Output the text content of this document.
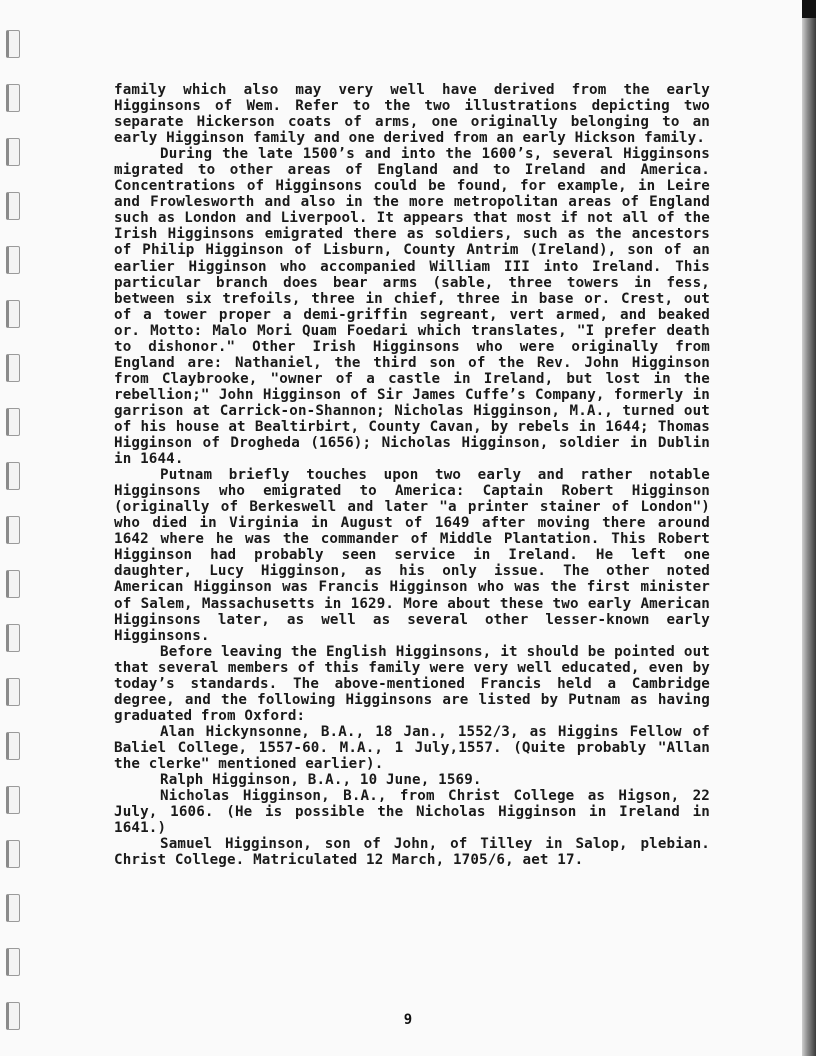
family which also may very well have derived from the early Higginsons of Wem. Refer to the two illustrations depicting two separate Hickerson coats of arms, one originally belonging to an early Higginson family and one derived from an early Hickson family.

During the late 1500’s and into the 1600’s, several Higginsons migrated to other areas of England and to Ireland and America. Concentrations of Higginsons could be found, for example, in Leire and Frowlesworth and also in the more metropolitan areas of England such as London and Liverpool. It appears that most if not all of the Irish Higginsons emigrated there as soldiers, such as the ancestors of Philip Higginson of Lisburn, County Antrim (Ireland), son of an earlier Higginson who accompanied William III into Ireland. This particular branch does bear arms (sable, three towers in fess, between six trefoils, three in chief, three in base or. Crest, out of a tower proper a demi-griffin segreant, vert armed, and beaked or. Motto: Malo Mori Quam Foedari which translates, "I prefer death to dishonor." Other Irish Higginsons who were originally from England are: Nathaniel, the third son of the Rev. John Higginson from Claybrooke, "owner of a castle in Ireland, but lost in the rebellion;" John Higginson of Sir James Cuffe’s Company, formerly in garrison at Carrick-on-Shannon; Nicholas Higginson, M.A., turned out of his house at Bealtirbirt, County Cavan, by rebels in 1644; Thomas Higginson of Drogheda (1656); Nicholas Higginson, soldier in Dublin in 1644.

Putnam briefly touches upon two early and rather notable Higginsons who emigrated to America: Captain Robert Higginson (originally of Berkeswell and later "a printer stainer of London") who died in Virginia in August of 1649 after moving there around 1642 where he was the commander of Middle Plantation. This Robert Higginson had probably seen service in Ireland. He left one daughter, Lucy Higginson, as his only issue. The other noted American Higginson was Francis Higginson who was the first minister of Salem, Massachusetts in 1629. More about these two early American Higginsons later, as well as several other lesser-known early Higginsons.

Before leaving the English Higginsons, it should be pointed out that several members of this family were very well educated, even by today’s standards. The above-mentioned Francis held a Cambridge degree, and the following Higginsons are listed by Putnam as having graduated from Oxford:

Alan Hickynsonne, B.A., 18 Jan., 1552/3, as Higgins Fellow of Baliel College, 1557-60. M.A., 1 July,1557. (Quite probably "Allan the clerke" mentioned earlier).

Ralph Higginson, B.A., 10 June, 1569.

Nicholas Higginson, B.A., from Christ College as Higson, 22 July, 1606. (He is possible the Nicholas Higginson in Ireland in 1641.)

Samuel Higginson, son of John, of Tilley in Salop, plebian. Christ College. Matriculated 12 March, 1705/6, aet 17.

9
